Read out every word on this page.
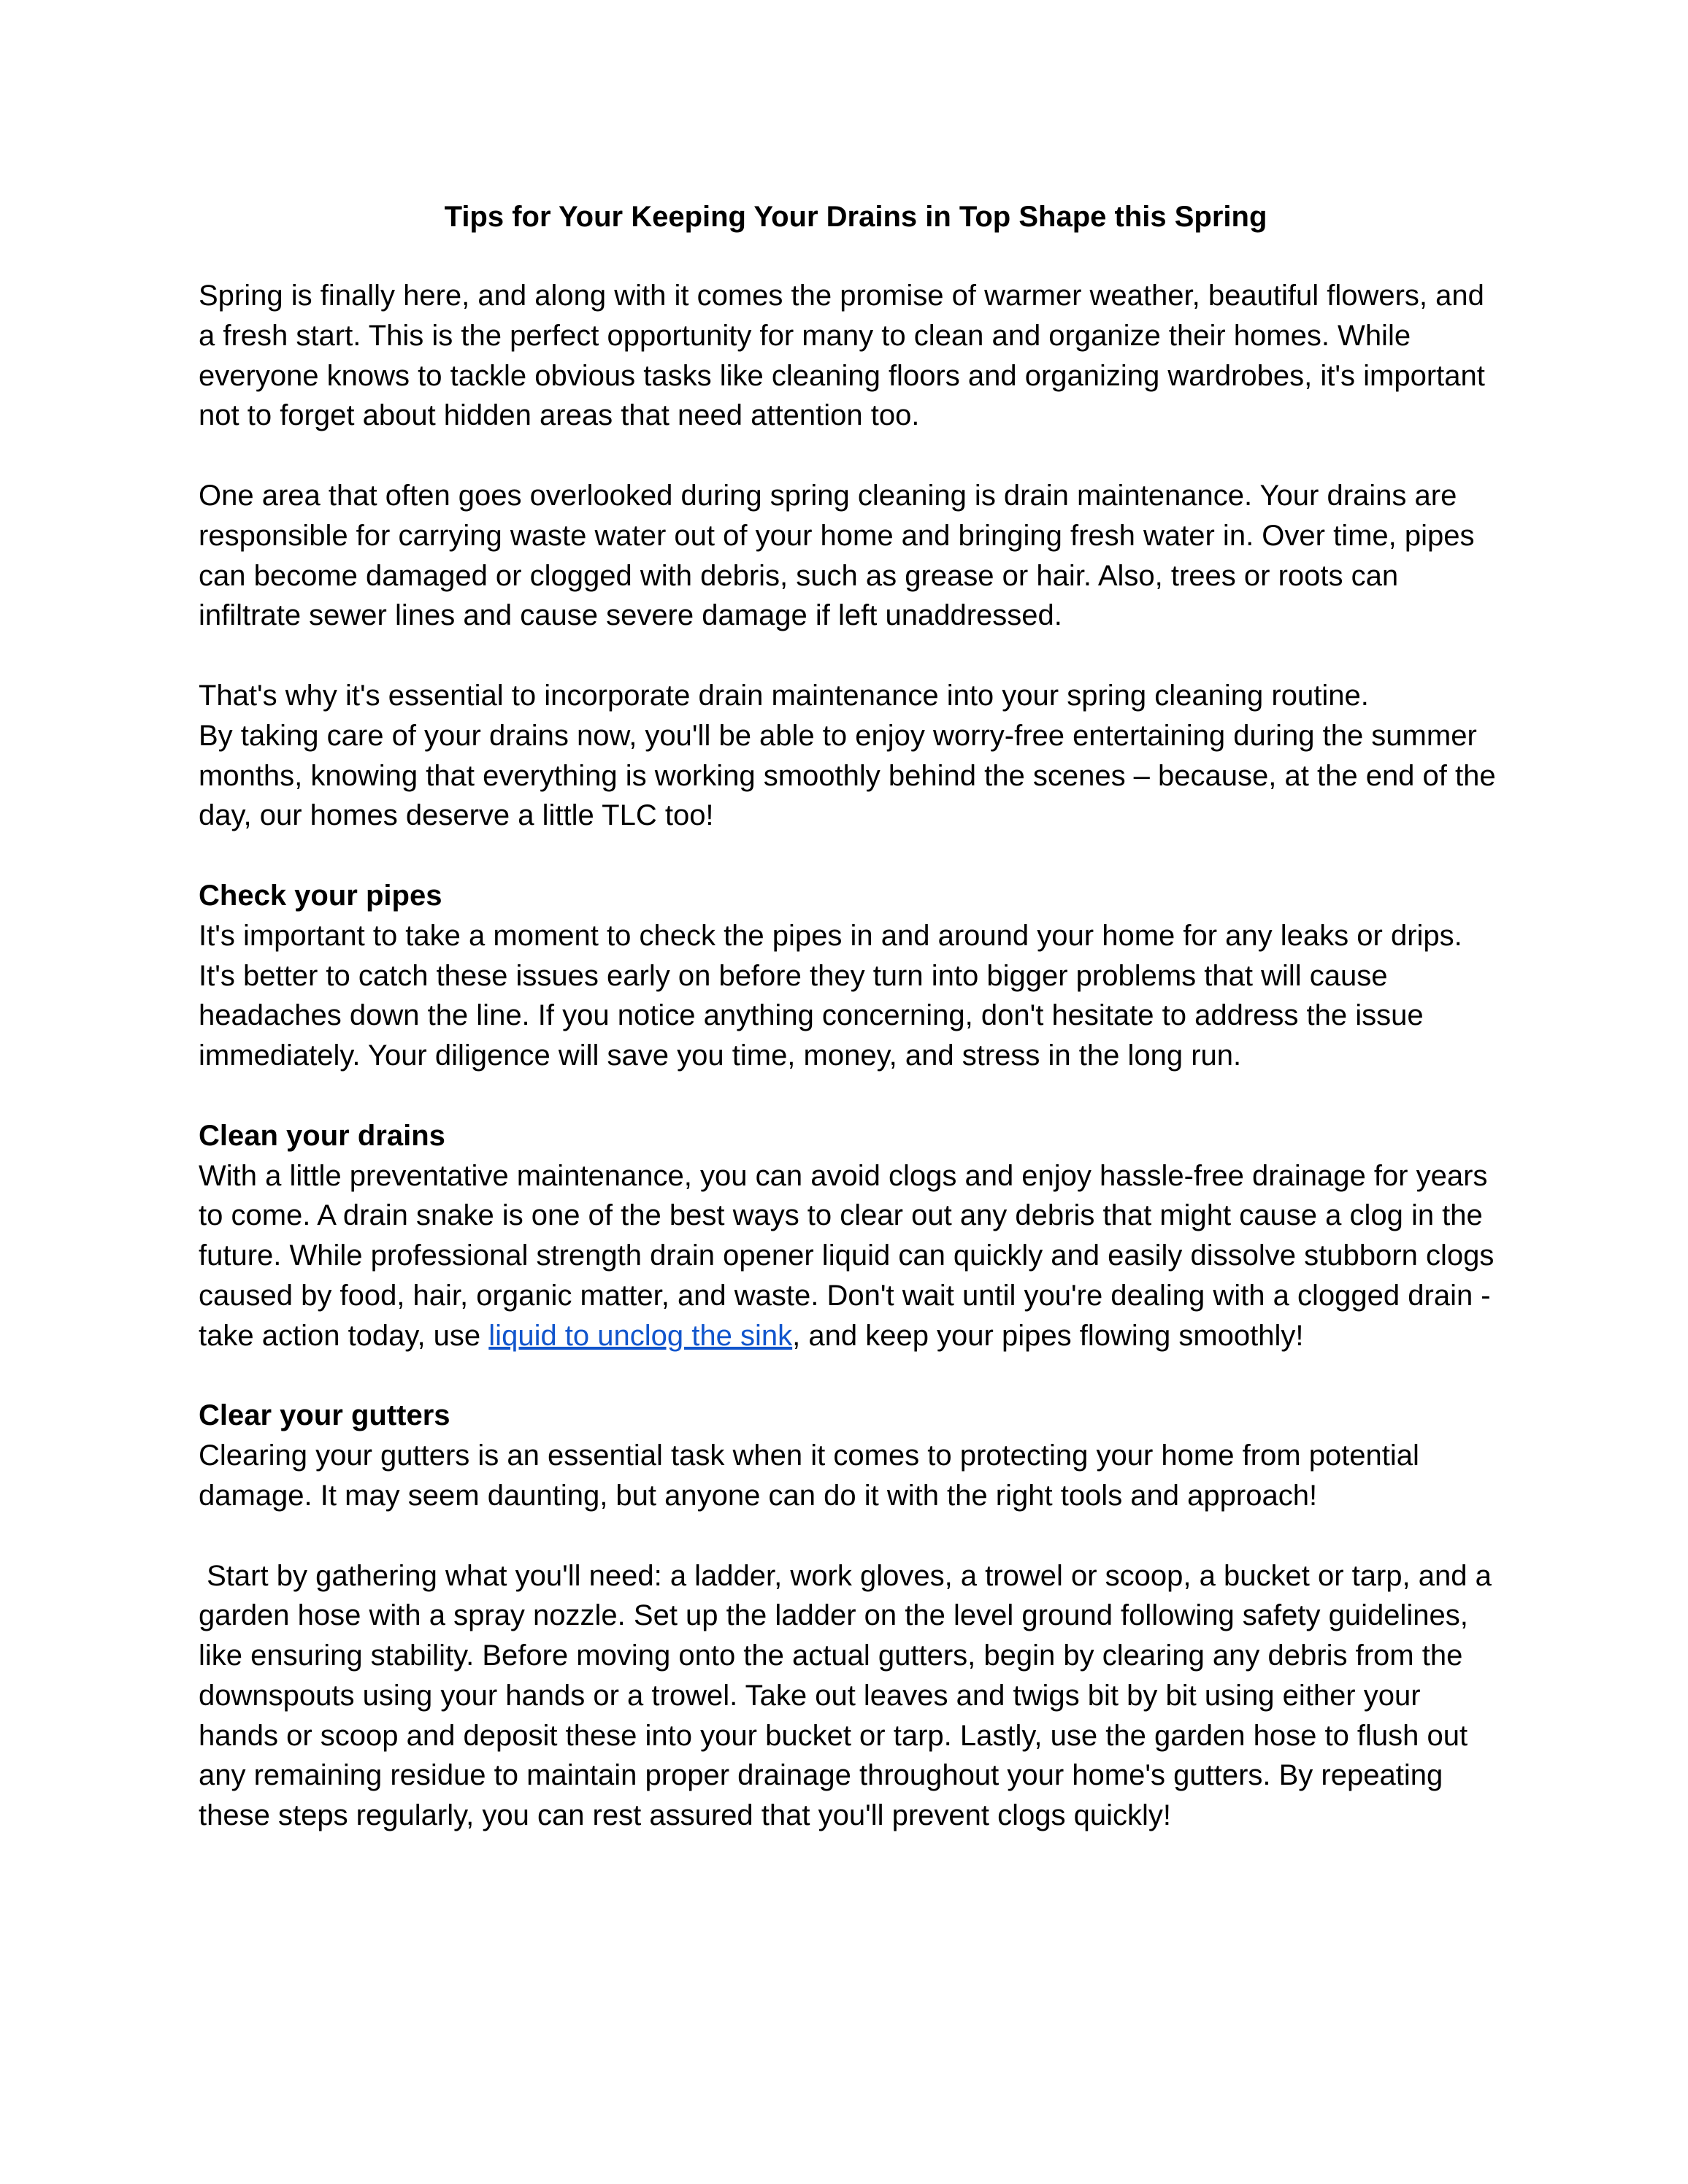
Tips for Your Keeping Your Drains in Top Shape this Spring

Spring is finally here, and along with it comes the promise of warmer weather, beautiful flowers, and a fresh start. This is the perfect opportunity for many to clean and organize their homes. While everyone knows to tackle obvious tasks like cleaning floors and organizing wardrobes, it's important not to forget about hidden areas that need attention too.

One area that often goes overlooked during spring cleaning is drain maintenance. Your drains are responsible for carrying waste water out of your home and bringing fresh water in. Over time, pipes can become damaged or clogged with debris, such as grease or hair. Also, trees or roots can infiltrate sewer lines and cause severe damage if left unaddressed.

That's why it's essential to incorporate drain maintenance into your spring cleaning routine.
By taking care of your drains now, you'll be able to enjoy worry-free entertaining during the summer months, knowing that everything is working smoothly behind the scenes – because, at the end of the day, our homes deserve a little TLC too!

Check your pipes

It's important to take a moment to check the pipes in and around your home for any leaks or drips. It's better to catch these issues early on before they turn into bigger problems that will cause headaches down the line. If you notice anything concerning, don't hesitate to address the issue immediately. Your diligence will save you time, money, and stress in the long run.

Clean your drains

With a little preventative maintenance, you can avoid clogs and enjoy hassle-free drainage for years to come. A drain snake is one of the best ways to clear out any debris that might cause a clog in the future. While professional strength drain opener liquid can quickly and easily dissolve stubborn clogs caused by food, hair, organic matter, and waste. Don't wait until you're dealing with a clogged drain - take action today, use liquid to unclog the sink, and keep your pipes flowing smoothly!

Clear your gutters

Clearing your gutters is an essential task when it comes to protecting your home from potential damage. It may seem daunting, but anyone can do it with the right tools and approach!

Start by gathering what you'll need: a ladder, work gloves, a trowel or scoop, a bucket or tarp, and a garden hose with a spray nozzle. Set up the ladder on the level ground following safety guidelines, like ensuring stability. Before moving onto the actual gutters, begin by clearing any debris from the downspouts using your hands or a trowel. Take out leaves and twigs bit by bit using either your hands or scoop and deposit these into your bucket or tarp. Lastly, use the garden hose to flush out any remaining residue to maintain proper drainage throughout your home's gutters. By repeating these steps regularly, you can rest assured that you'll prevent clogs quickly!
